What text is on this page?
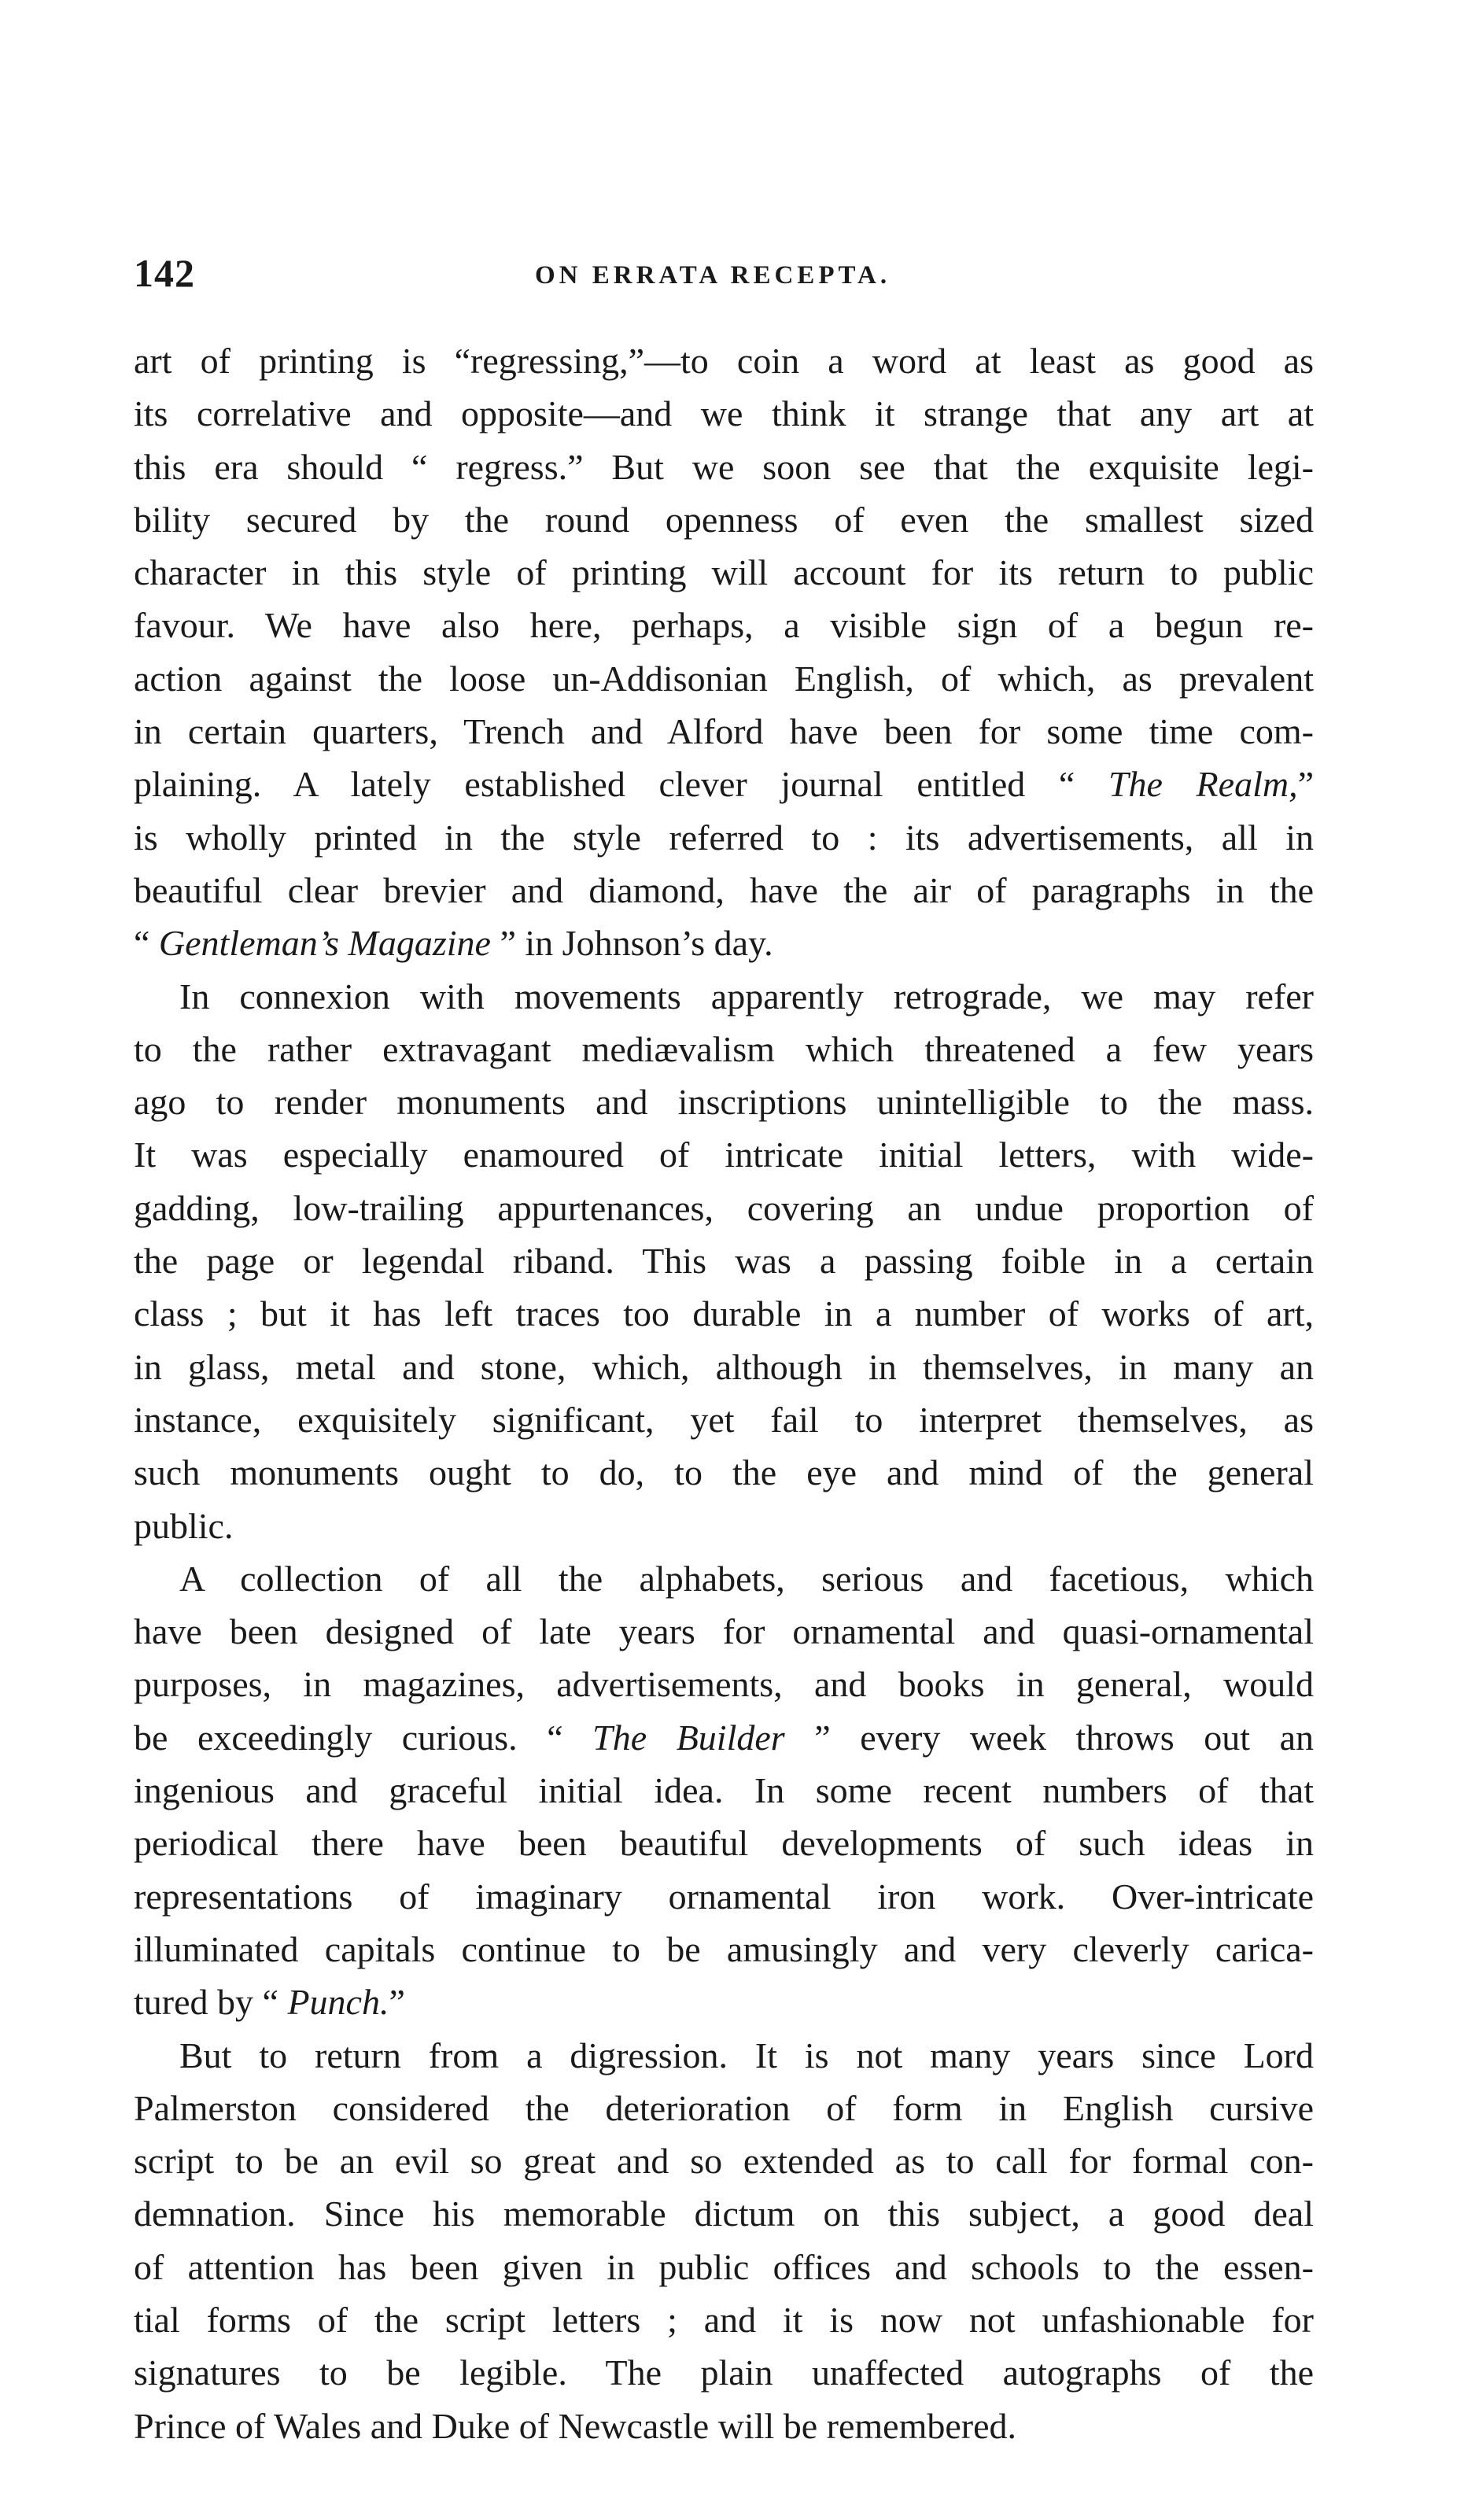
142	ON ERRATA RECEPTA.
art of printing is “regressing,”—to coin a word at least as good as
its correlative and opposite—and we think it strange that any art at
this era should “ regress.” But we soon see that the exquisite legi-
bility secured by the round openness of even the smallest sized
character in this style of printing will account for its return to public
favour. We have also here, perhaps, a visible sign of a begun re-
action against the loose un-Addisonian English, of which, as prevalent
in certain quarters, Trench and Alford have been for some time com-
plaining. A lately established clever journal entitled “ The Realm,”
is wholly printed in the style referred to : its advertisements, all in
beautiful clear brevier and diamond, have the air of paragraphs in the
“ Gentleman’s Magazine ” in Johnson’s day.
In connexion with movements apparently retrograde, we may refer
to the rather extravagant mediævalism which threatened a few years
ago to render monuments and inscriptions unintelligible to the mass.
It was especially enamoured of intricate initial letters, with wide-
gadding, low-trailing appurtenances, covering an undue proportion of
the page or legendal riband. This was a passing foible in a certain
class ; but it has left traces too durable in a number of works of art,
in glass, metal and stone, which, although in themselves, in many an
instance, exquisitely significant, yet fail to interpret themselves, as
such monuments ought to do, to the eye and mind of the general
public.
A collection of all the alphabets, serious and facetious, which
have been designed of late years for ornamental and quasi-ornamental
purposes, in magazines, advertisements, and books in general, would
be exceedingly curious. “ The Builder ” every week throws out an
ingenious and graceful initial idea. In some recent numbers of that
periodical there have been beautiful developments of such ideas in
representations of imaginary ornamental iron work. Over-intricate
illuminated capitals continue to be amusingly and very cleverly carica-
tured by “ Punch.”
But to return from a digression. It is not many years since Lord
Palmerston considered the deterioration of form in English cursive
script to be an evil so great and so extended as to call for formal con-
demnation. Since his memorable dictum on this subject, a good deal
of attention has been given in public offices and schools to the essen-
tial forms of the script letters ; and it is now not unfashionable for
signatures to be legible. The plain unaffected autographs of the
Prince of Wales and Duke of Newcastle will be remembered.
